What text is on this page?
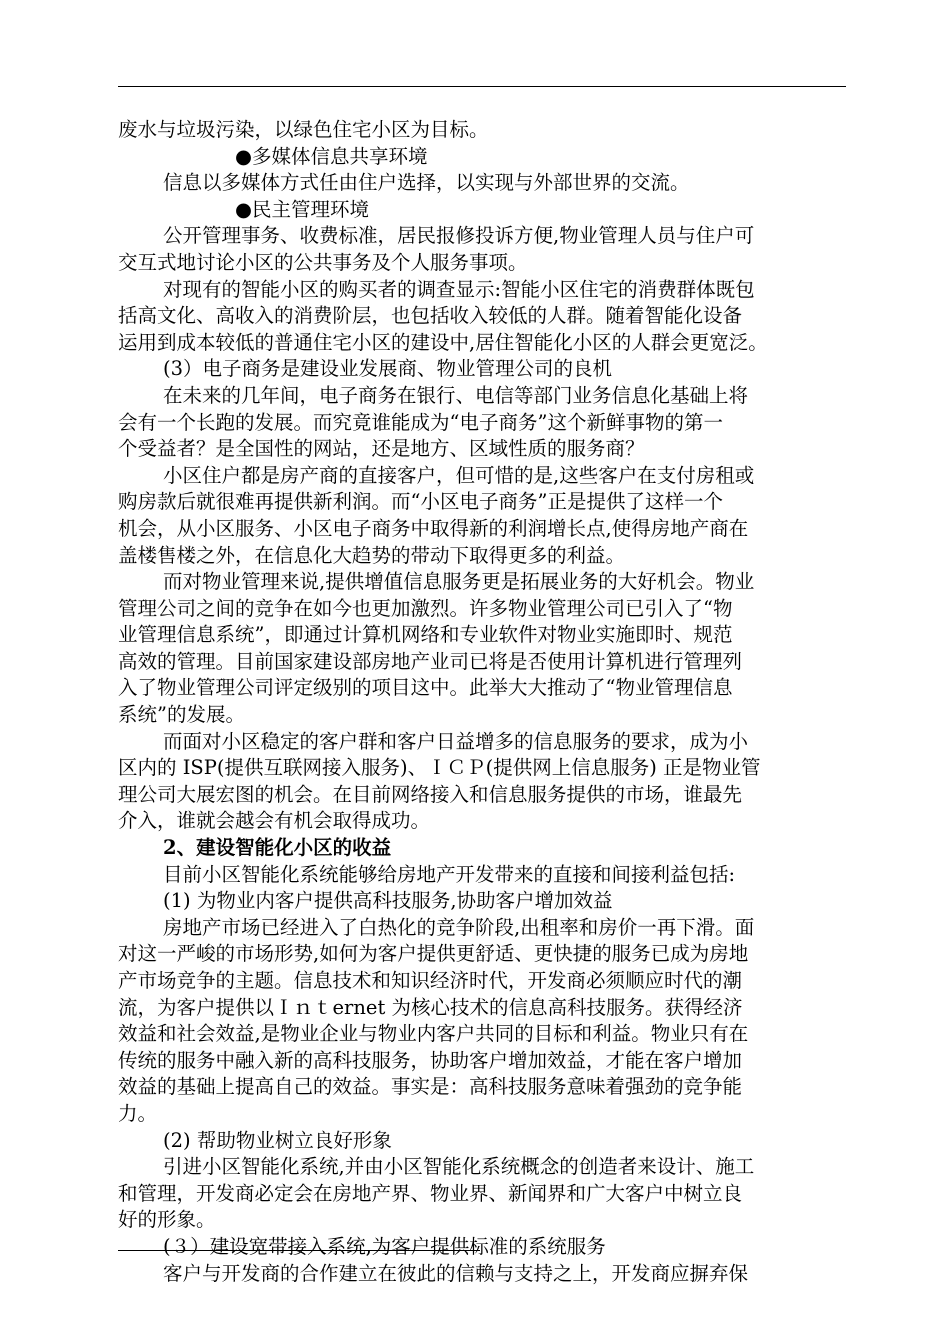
废水与垃圾污染，以绿色住宅小区为目标。
●多媒体信息共享环境
信息以多媒体方式任由住户选择，以实现与外部世界的交流。
●民主管理环境
公开管理事务、收费标准，居民报修投诉方便,物业管理人员与住户可
交互式地讨论小区的公共事务及个人服务事项。
对现有的智能小区的购买者的调查显示:智能小区住宅的消费群体既包
括高文化、高收入的消费阶层，也包括收入较低的人群。随着智能化设备
运用到成本较低的普通住宅小区的建设中,居住智能化小区的人群会更宽泛。
(3）电子商务是建设业发展商、物业管理公司的良机
在未来的几年间，电子商务在银行、电信等部门业务信息化基础上将
会有一个长跑的发展。而究竟谁能成为“电子商务”这个新鲜事物的第一
个受益者？是全国性的网站，还是地方、区域性质的服务商？
小区住户都是房产商的直接客户，但可惜的是,这些客户在支付房租或
购房款后就很难再提供新利润。而“小区电子商务”正是提供了这样一个
机会，从小区服务、小区电子商务中取得新的利润增长点,使得房地产商在
盖楼售楼之外，在信息化大趋势的带动下取得更多的利益。
而对物业管理来说,提供增值信息服务更是拓展业务的大好机会。物业
管理公司之间的竞争在如今也更加激烈。许多物业管理公司已引入了“物
业管理信息系统”，即通过计算机网络和专业软件对物业实施即时、规范
高效的管理。目前国家建设部房地产业司已将是否使用计算机进行管理列
入了物业管理公司评定级别的项目这中。此举大大推动了“物业管理信息
系统”的发展。
而面对小区稳定的客户群和客户日益增多的信息服务的要求，成为小
区内的 ISP(提供互联网接入服务)、ＩＣＰ(提供网上信息服务) 正是物业管
理公司大展宏图的机会。在目前网络接入和信息服务提供的市场，谁最先
介入，谁就会越会有机会取得成功。
2、建设智能化小区的收益
目前小区智能化系统能够给房地产开发带来的直接和间接利益包括:
(1) 为物业内客户提供高科技服务,协助客户增加效益
房地产市场已经进入了白热化的竞争阶段,出租率和房价一再下滑。面
对这一严峻的市场形势,如何为客户提供更舒适、更快捷的服务已成为房地
产市场竞争的主题。信息技术和知识经济时代，开发商必须顺应时代的潮
流，为客户提供以Ｉｎｔernet 为核心技术的信息高科技服务。获得经济
效益和社会效益,是物业企业与物业内客户共同的目标和利益。物业只有在
传统的服务中融入新的高科技服务，协助客户增加效益，才能在客户增加
效益的基础上提高自己的效益。事实是：高科技服务意味着强劲的竞争能
力。
(2) 帮助物业树立良好形象
引进小区智能化系统,并由小区智能化系统概念的创造者来设计、施工
和管理，开发商必定会在房地产界、物业界、新闻界和广大客户中树立良
好的形象。
(３）建设宽带接入系统,为客户提供标准的系统服务
客户与开发商的合作建立在彼此的信赖与支持之上，开发商应摒弃保
